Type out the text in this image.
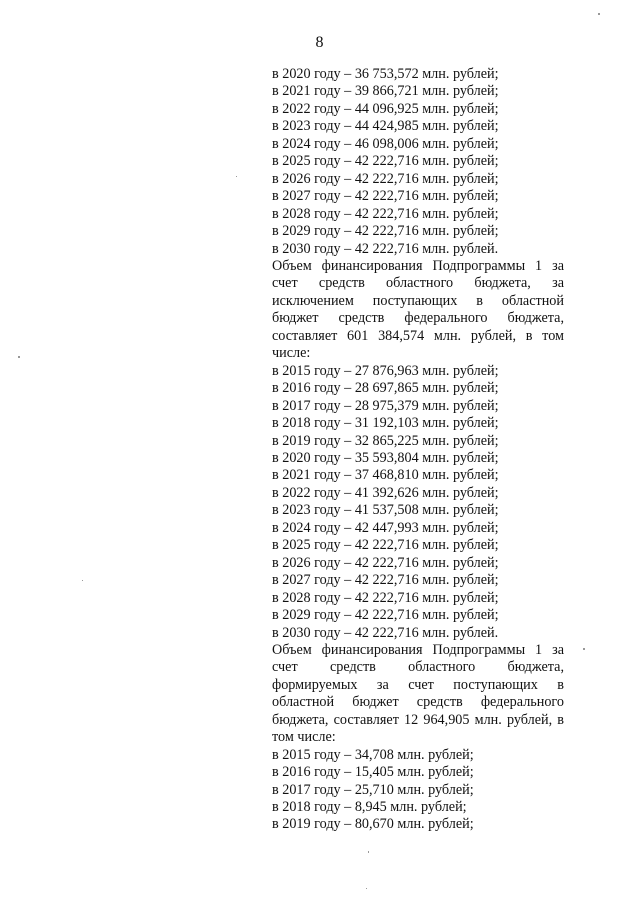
8
в 2020 году – 36 753,572 млн. рублей;
в 2021 году – 39 866,721 млн. рублей;
в 2022 году – 44 096,925 млн. рублей;
в 2023 году – 44 424,985 млн. рублей;
в 2024 году – 46 098,006 млн. рублей;
в 2025 году – 42 222,716 млн. рублей;
в 2026 году – 42 222,716 млн. рублей;
в 2027 году – 42 222,716 млн. рублей;
в 2028 году – 42 222,716 млн. рублей;
в 2029 году – 42 222,716 млн. рублей;
в 2030 году – 42 222,716 млн. рублей.
Объем финансирования Подпрограммы 1 за счет средств областного бюджета, за исключением поступающих в областной бюджет средств федерального бюджета, составляет 601 384,574 млн. рублей, в том числе:
в 2015 году – 27 876,963 млн. рублей;
в 2016 году – 28 697,865 млн. рублей;
в 2017 году – 28 975,379 млн. рублей;
в 2018 году – 31 192,103 млн. рублей;
в 2019 году – 32 865,225 млн. рублей;
в 2020 году – 35 593,804 млн. рублей;
в 2021 году – 37 468,810 млн. рублей;
в 2022 году – 41 392,626 млн. рублей;
в 2023 году – 41 537,508 млн. рублей;
в 2024 году – 42 447,993 млн. рублей;
в 2025 году – 42 222,716 млн. рублей;
в 2026 году – 42 222,716 млн. рублей;
в 2027 году – 42 222,716 млн. рублей;
в 2028 году – 42 222,716 млн. рублей;
в 2029 году – 42 222,716 млн. рублей;
в 2030 году – 42 222,716 млн. рублей.
Объем финансирования Подпрограммы 1 за счет средств областного бюджета, формируемых за счет поступающих в областной бюджет средств федерального бюджета, составляет 12 964,905 млн. рублей, в том числе:
в 2015 году – 34,708 млн. рублей;
в 2016 году – 15,405 млн. рублей;
в 2017 году – 25,710 млн. рублей;
в 2018 году – 8,945 млн. рублей;
в 2019 году – 80,670 млн. рублей;
